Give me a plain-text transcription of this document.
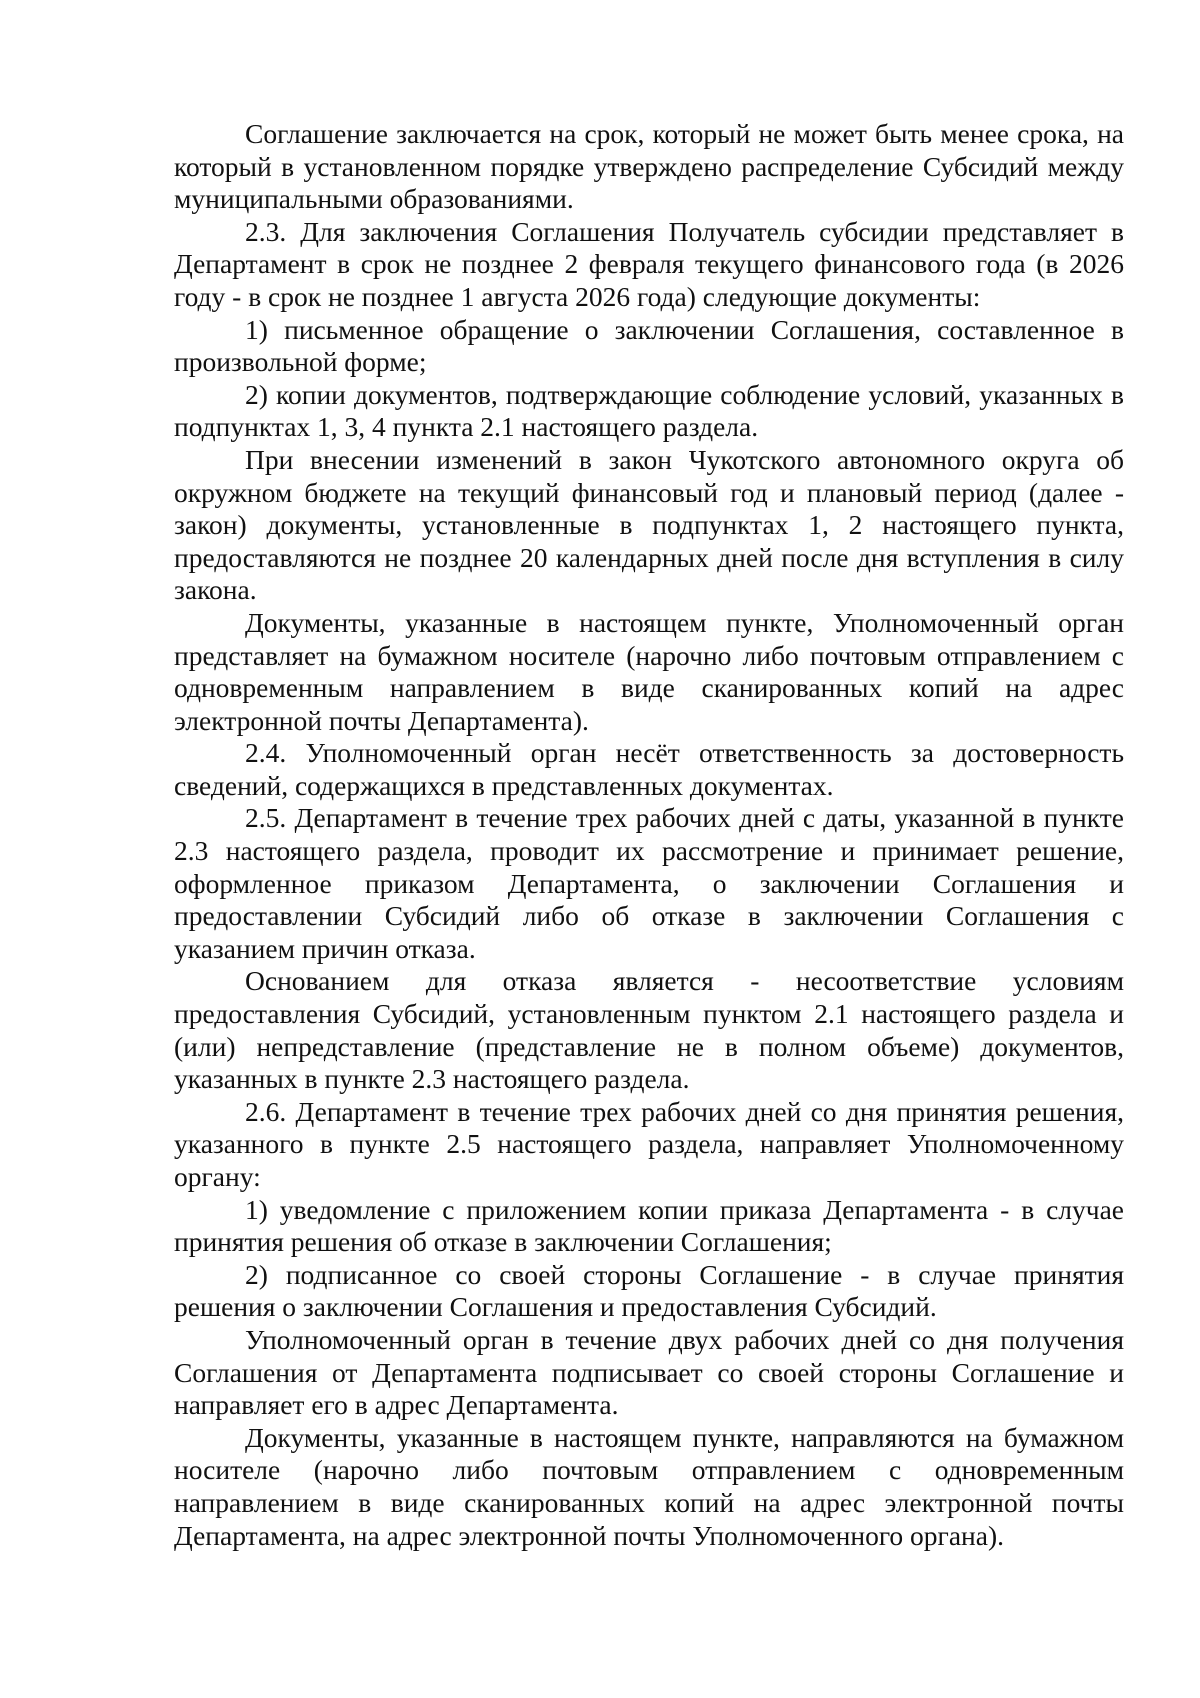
Соглашение заключается на срок, который не может быть менее срока, на который в установленном порядке утверждено распределение Субсидий между муниципальными образованиями.

2.3. Для заключения Соглашения Получатель субсидии представляет в Департамент в срок не позднее 2 февраля текущего финансового года (в 2026 году - в срок не позднее 1 августа 2026 года) следующие документы:

1) письменное обращение о заключении Соглашения, составленное в произвольной форме;

2) копии документов, подтверждающие соблюдение условий, указанных в подпунктах 1, 3, 4 пункта 2.1 настоящего раздела.

При внесении изменений в закон Чукотского автономного округа об окружном бюджете на текущий финансовый год и плановый период (далее - закон) документы, установленные в подпунктах 1, 2 настоящего пункта, предоставляются не позднее 20 календарных дней после дня вступления в силу закона.

Документы, указанные в настоящем пункте, Уполномоченный орган представляет на бумажном носителе (нарочно либо почтовым отправлением с одновременным направлением в виде сканированных копий на адрес электронной почты Департамента).

2.4. Уполномоченный орган несёт ответственность за достоверность сведений, содержащихся в представленных документах.

2.5. Департамент в течение трех рабочих дней с даты, указанной в пункте 2.3 настоящего раздела, проводит их рассмотрение и принимает решение, оформленное приказом Департамента, о заключении Соглашения и предоставлении Субсидий либо об отказе в заключении Соглашения с указанием причин отказа.

Основанием для отказа является - несоответствие условиям предоставления Субсидий, установленным пунктом 2.1 настоящего раздела и (или) непредставление (представление не в полном объеме) документов, указанных в пункте 2.3 настоящего раздела.

2.6. Департамент в течение трех рабочих дней со дня принятия решения, указанного в пункте 2.5 настоящего раздела, направляет Уполномоченному органу:

1) уведомление с приложением копии приказа Департамента - в случае принятия решения об отказе в заключении Соглашения;

2) подписанное со своей стороны Соглашение - в случае принятия решения о заключении Соглашения и предоставления Субсидий.

Уполномоченный орган в течение двух рабочих дней со дня получения Соглашения от Департамента подписывает со своей стороны Соглашение и направляет его в адрес Департамента.

Документы, указанные в настоящем пункте, направляются на бумажном носителе (нарочно либо почтовым отправлением с одновременным направлением в виде сканированных копий на адрес электронной почты Департамента, на адрес электронной почты Уполномоченного органа).
